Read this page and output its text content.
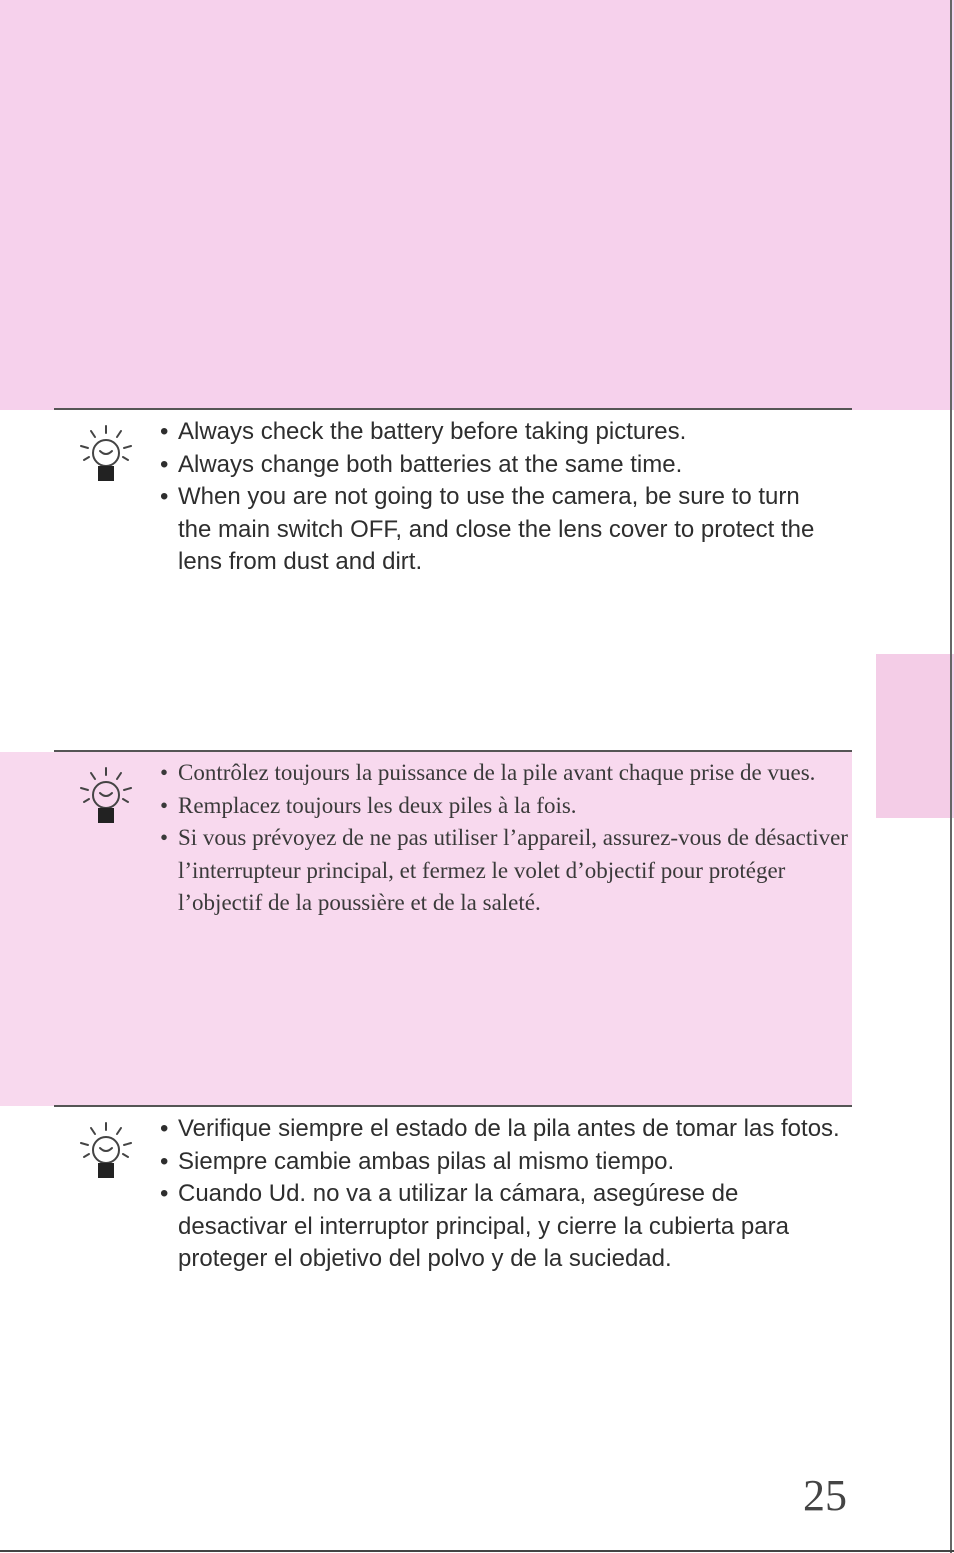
• Always check the battery before taking pictures.
• Always change both batteries at the same time.
• When you are not going to use the camera, be sure to turn the main switch OFF, and close the lens cover to protect the lens from dust and dirt.
• Contrôlez toujours la puissance de la pile avant chaque prise de vues.
• Remplacez toujours les deux piles à la fois.
• Si vous prévoyez de ne pas utiliser l’appareil, assurez-vous de désactiver l’interrupteur principal, et fermez le volet d’objectif pour protéger l’objectif de la poussière et de la saleté.
• Verifique siempre el estado de la pila antes de tomar las fotos.
• Siempre cambie ambas pilas al mismo tiempo.
• Cuando Ud. no va a utilizar la cámara, asegúrese de desactivar el interruptor principal, y cierre la cubierta para proteger el objetivo del polvo y de la suciedad.
25
